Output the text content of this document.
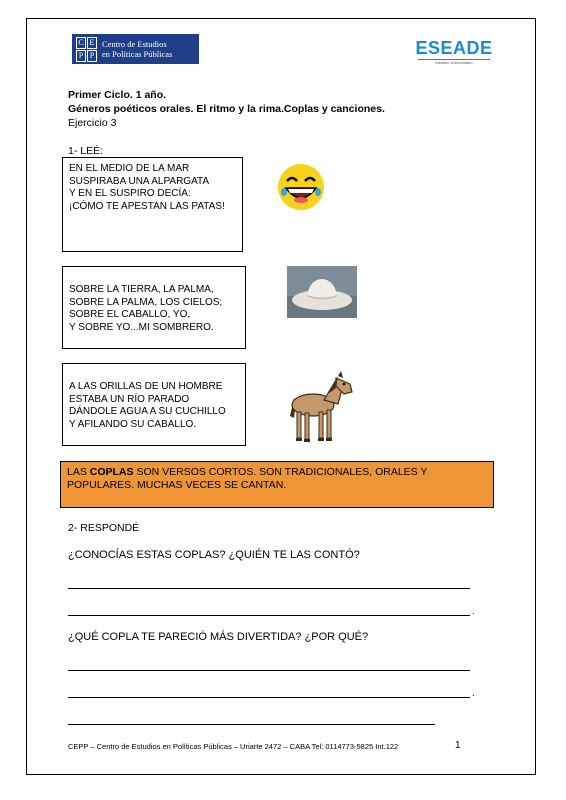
C E
P P
Centro de Estudios
en Políticas Públicas	ESEADE
Instituto Universitario
Primer Ciclo. 1 año.
Géneros poéticos orales. El ritmo y la rima.Coplas y canciones.
Ejercicio 3
1- LEÉ:
EN EL MEDIO DE LA MAR
SUSPIRABA UNA ALPARGATA
Y EN EL SUSPIRO DECÍA:
¡CÓMO TE APESTAN LAS PATAS!
SOBRE LA TIERRA, LA PALMA,
SOBRE LA PALMA, LOS CIELOS;
SOBRE EL CABALLO, YO,
Y SOBRE YO...MI SOMBRERO.
A LAS ORILLAS DE UN HOMBRE
ESTABA UN RÍO PARADO
DÁNDOLE AGUA A SU CUCHILLO
Y AFILANDO SU CABALLO.
LAS COPLAS SON VERSOS CORTOS. SON TRADICIONALES, ORALES Y POPULARES. MUCHAS VECES SE CANTAN.
2- RESPONDÉ
¿CONOCÍAS ESTAS COPLAS? ¿QUIÉN TE LAS CONTÓ?
.
¿QUÉ COPLA TE PARECIÓ MÁS DIVERTIDA? ¿POR QUÉ?
.
CEPP – Centro de Estudios en Políticas Públicas – Uriarte 2472 – CABA Tel: 0114773-5825 Int.122	1
